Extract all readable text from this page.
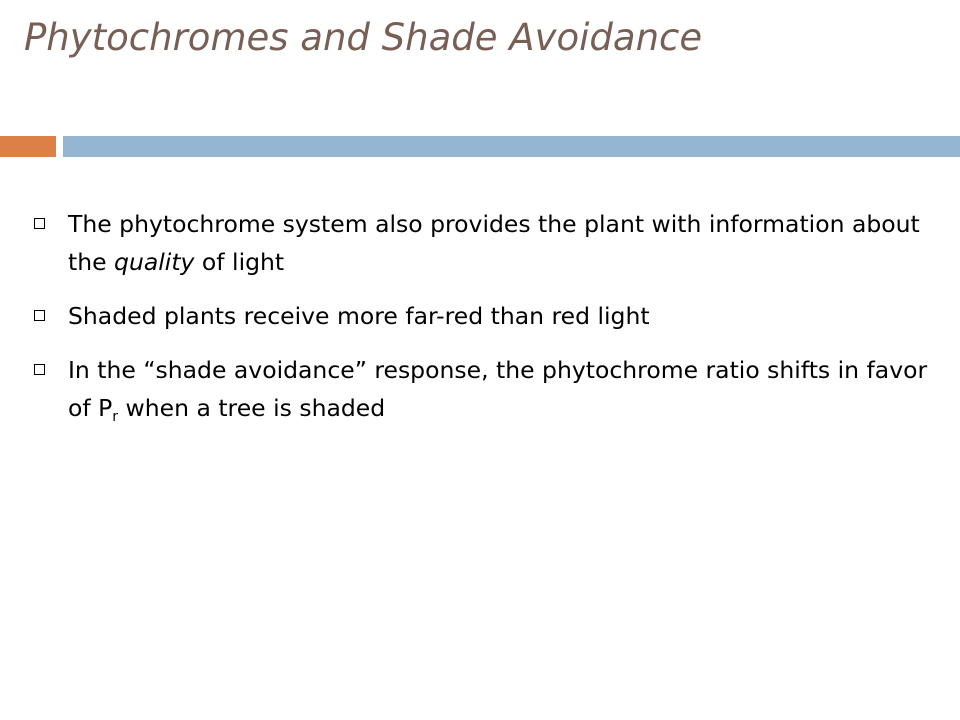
Phytochromes and Shade Avoidance
The phytochrome system also provides the plant with information about the quality of light
Shaded plants receive more far-red than red light
In the “shade avoidance” response, the phytochrome ratio shifts in favor of $P_r$ when a tree is shaded
